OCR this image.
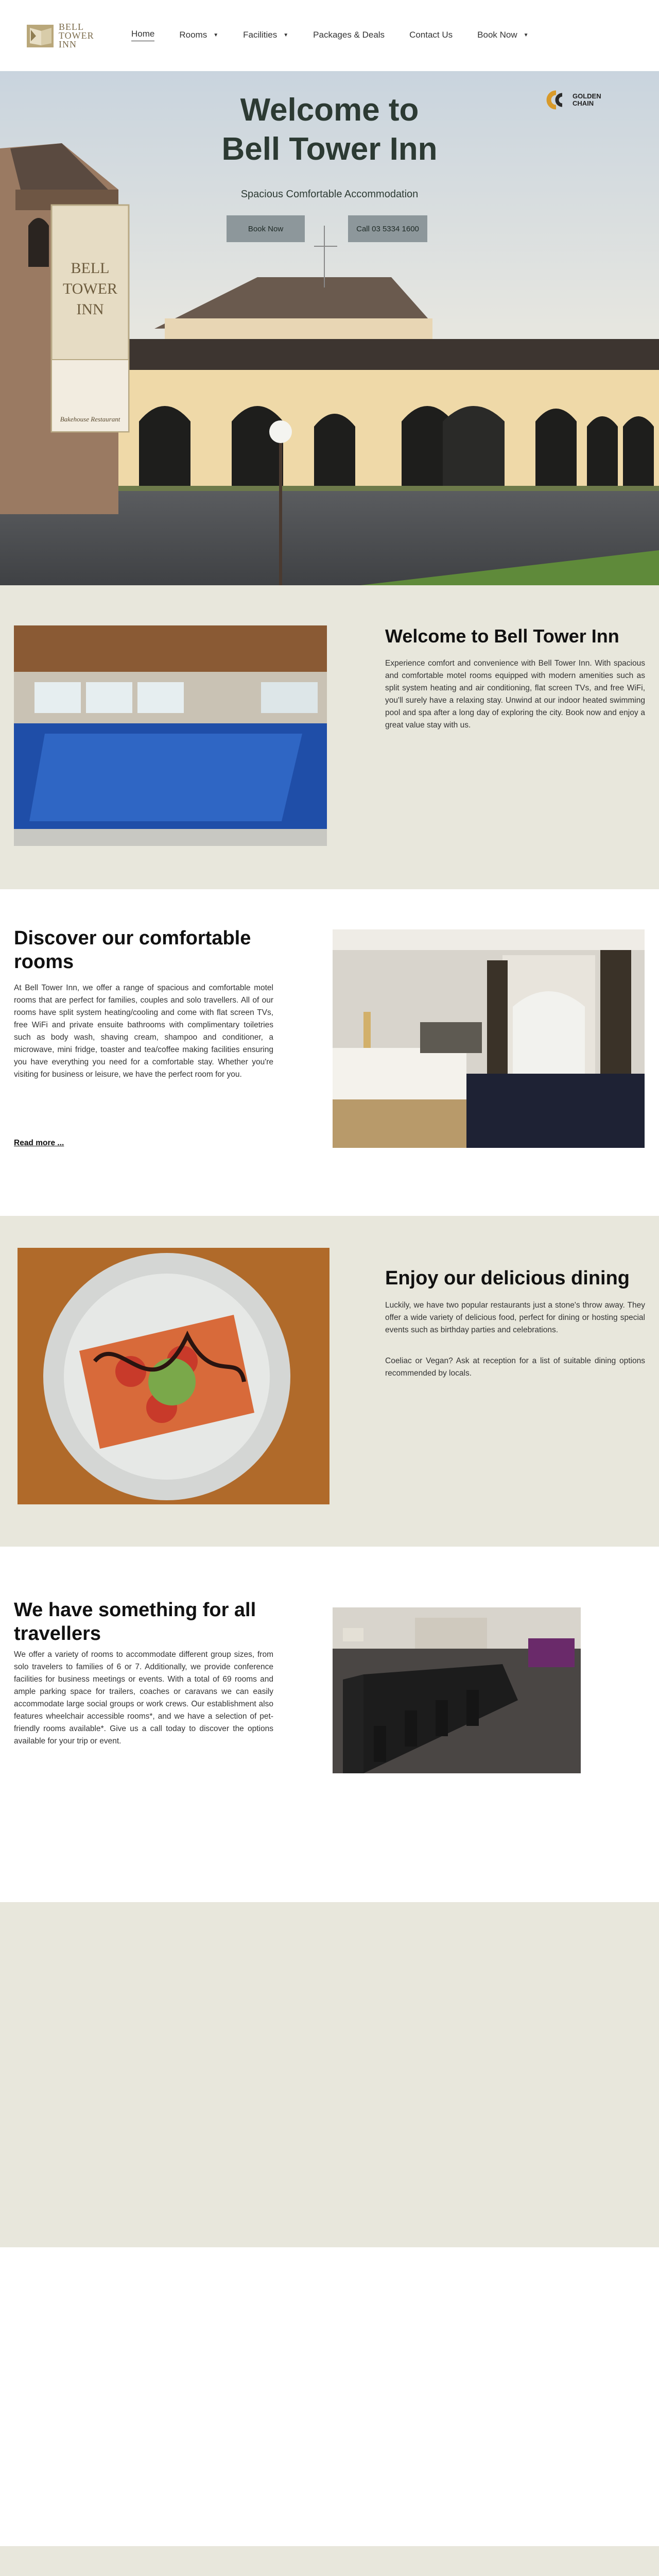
BELL
TOWER
INN
Home	Rooms ▼	Facilities ▼	Packages & Deals	Contact Us	Book Now ▼
BELL
TOWER
INN
Bakehouse Restaurant
Welcome to
Bell Tower Inn
Spacious Comfortable Accommodation
Book Now	Call 03 5334 1600
GOLDEN
CHAIN
Welcome to Bell Tower Inn
Experience comfort and convenience with Bell Tower Inn. With spacious and comfortable motel rooms equipped with modern amenities such as split system heating and air conditioning, flat screen TVs, and free WiFi, you'll surely have a relaxing stay. Unwind at our indoor heated swimming pool and spa after a long day of exploring the city. Book now and enjoy a great value stay with us.
Discover our comfortable rooms
At Bell Tower Inn, we offer a range of spacious and comfortable motel rooms that are perfect for families, couples and solo travellers. All of our rooms have split system heating/cooling and come with flat screen TVs, free WiFi and private ensuite bathrooms with complimentary toiletries such as body wash, shaving cream, shampoo and conditioner, a microwave, mini fridge, toaster and tea/coffee making facilities ensuring you have everything you need for a comfortable stay. Whether you're visiting for business or leisure, we have the perfect room for you.
Read more ...
Enjoy our delicious dining
Luckily, we have two popular restaurants just a stone's throw away. They offer a wide variety of delicious food, perfect for dining or hosting special events such as birthday parties and celebrations.
Coeliac or Vegan? Ask at reception for a list of suitable dining options recommended by locals.
We have something for all travellers
We offer a variety of rooms to accommodate different group sizes, from solo travelers to families of 6 or 7. Additionally, we provide conference facilities for business meetings or events. With a total of 69 rooms and ample parking space for trailers, coaches or caravans we can easily accommodate large social groups or work crews. Our establishment also features wheelchair accessible rooms*, and we have a selection of pet-friendly rooms available*. Give us a call today to discover the options available for your trip or event.
